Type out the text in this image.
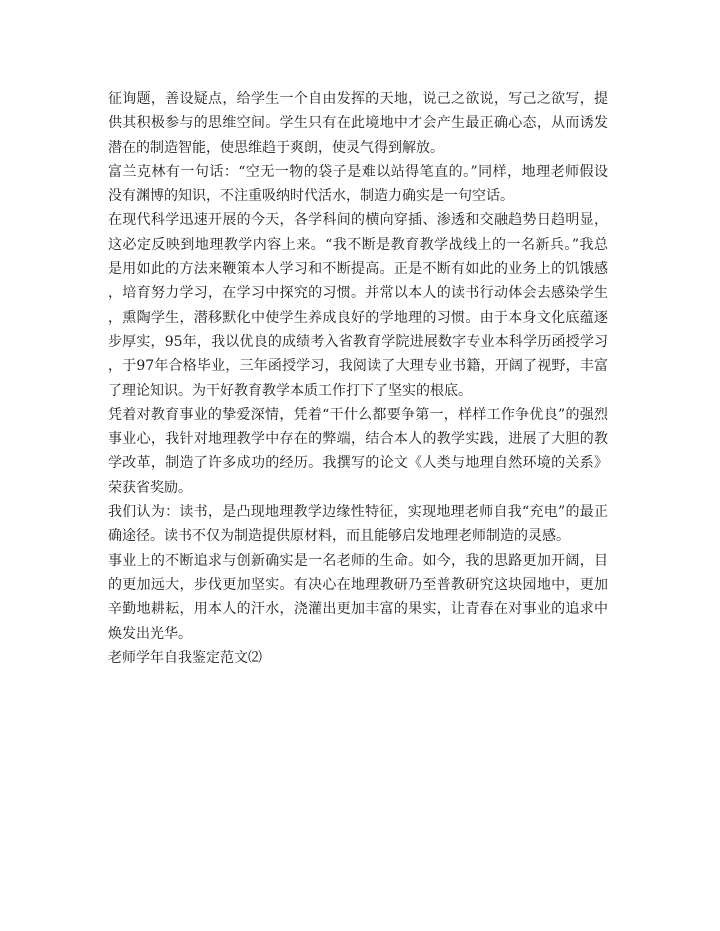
征询题，善设疑点，给学生一个自由发挥的天地，说己之欲说，写己之欲写，提
供其积极参与的思维空间。学生只有在此境地中才会产生最正确心态，从而诱发
潜在的制造智能，使思维趋于爽朗，使灵气得到解放。
富兰克林有一句话：“空无一物的袋子是难以站得笔直的。”同样，地理老师假设
没有渊博的知识，不注重吸纳时代活水，制造力确实是一句空话。
在现代科学迅速开展的今天，各学科间的横向穿插、渗透和交融趋势日趋明显，
这必定反映到地理教学内容上来。“我不断是教育教学战线上的一名新兵。”我总
是用如此的方法来鞭策本人学习和不断提高。正是不断有如此的业务上的饥饿感
，培育努力学习，在学习中探究的习惯。并常以本人的读书行动体会去感染学生
，熏陶学生，潜移默化中使学生养成良好的学地理的习惯。由于本身文化底蕴逐
步厚实，95年，我以优良的成绩考入省教育学院进展数字专业本科学历函授学习
，于97年合格毕业，三年函授学习，我阅读了大理专业书籍，开阔了视野，丰富
了理论知识。为干好教育教学本质工作打下了坚实的根底。
凭着对教育事业的挚爱深情，凭着“干什么都要争第一，样样工作争优良”的强烈
事业心，我针对地理教学中存在的弊端，结合本人的教学实践，进展了大胆的教
学改革，制造了许多成功的经历。我撰写的论文《人类与地理自然环境的关系》
荣获省奖励。
我们认为：读书，是凸现地理教学边缘性特征，实现地理老师自我“充电”的最正
确途径。读书不仅为制造提供原材料，而且能够启发地理老师制造的灵感。
事业上的不断追求与创新确实是一名老师的生命。如今，我的思路更加开阔，目
的更加远大，步伐更加坚实。有决心在地理教研乃至普教研究这块园地中，更加
辛勤地耕耘，用本人的汗水，浇灌出更加丰富的果实，让青春在对事业的追求中
焕发出光华。
老师学年自我鉴定范文⑵
